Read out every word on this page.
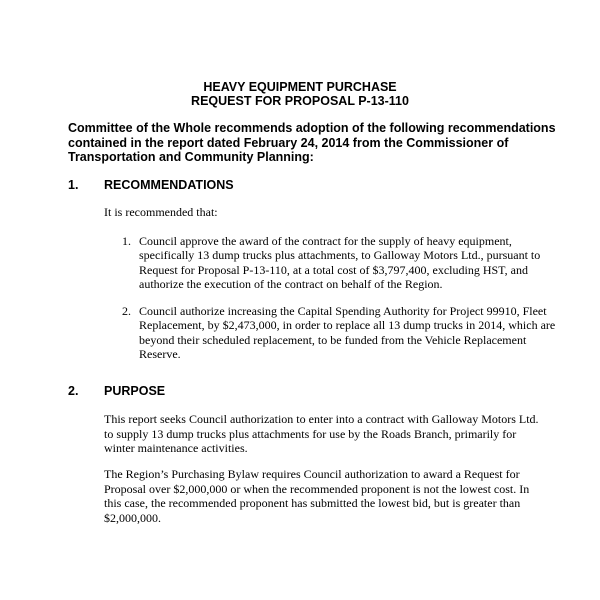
HEAVY EQUIPMENT PURCHASE
REQUEST FOR PROPOSAL P-13-110
Committee of the Whole recommends adoption of the following recommendations contained in the report dated February 24, 2014 from the Commissioner of Transportation and Community Planning:
1. RECOMMENDATIONS
It is recommended that:
1. Council approve the award of the contract for the supply of heavy equipment, specifically 13 dump trucks plus attachments, to Galloway Motors Ltd., pursuant to Request for Proposal P-13-110, at a total cost of $3,797,400, excluding HST, and authorize the execution of the contract on behalf of the Region.
2. Council authorize increasing the Capital Spending Authority for Project 99910, Fleet Replacement, by $2,473,000, in order to replace all 13 dump trucks in 2014, which are beyond their scheduled replacement, to be funded from the Vehicle Replacement Reserve.
2. PURPOSE
This report seeks Council authorization to enter into a contract with Galloway Motors Ltd. to supply 13 dump trucks plus attachments for use by the Roads Branch, primarily for winter maintenance activities.
The Region’s Purchasing Bylaw requires Council authorization to award a Request for Proposal over $2,000,000 or when the recommended proponent is not the lowest cost. In this case, the recommended proponent has submitted the lowest bid, but is greater than $2,000,000.
